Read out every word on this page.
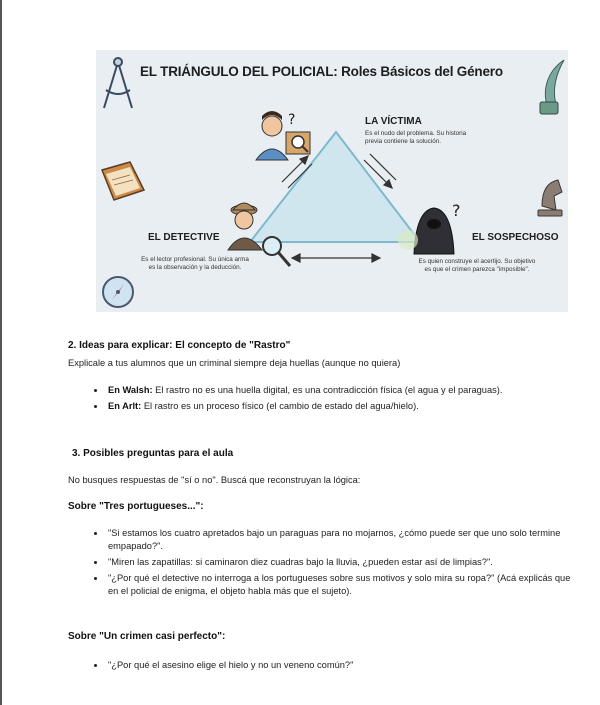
?
?
EL TRIÁNGULO DEL POLICIAL: Roles Básicos del Género
LA VÍCTIMA
Es el nudo del problema. Su historia previa contiene la solución.
EL DETECTIVE
Es el lector profesional. Su única arma es la observación y la deducción.
EL SOSPECHOSO
Es quien construye el acertijo. Su objetivo es que el crimen parezca "imposible".
2. Ideas para explicar: El concepto de "Rastro"
Explicale a tus alumnos que un criminal siempre deja huellas (aunque no quiera)
• En Walsh: El rastro no es una huella digital, es una contradicción física (el agua y el paraguas).
• En Arlt: El rastro es un proceso físico (el cambio de estado del agua/hielo).
3. Posibles preguntas para el aula
No busques respuestas de "sí o no". Buscá que reconstruyan la lógica:
Sobre "Tres portugueses...":
• "Si estamos los cuatro apretados bajo un paraguas para no mojarnos, ¿cómo puede ser que uno solo termine empapado?".
• "Miren las zapatillas: si caminaron diez cuadras bajo la lluvia, ¿pueden estar así de limpias?".
• "¿Por qué el detective no interroga a los portugueses sobre sus motivos y solo mira su ropa?" (Acá explicás que en el policial de enigma, el objeto habla más que el sujeto).
Sobre "Un crimen casi perfecto":
• "¿Por qué el asesino elige el hielo y no un veneno común?"
